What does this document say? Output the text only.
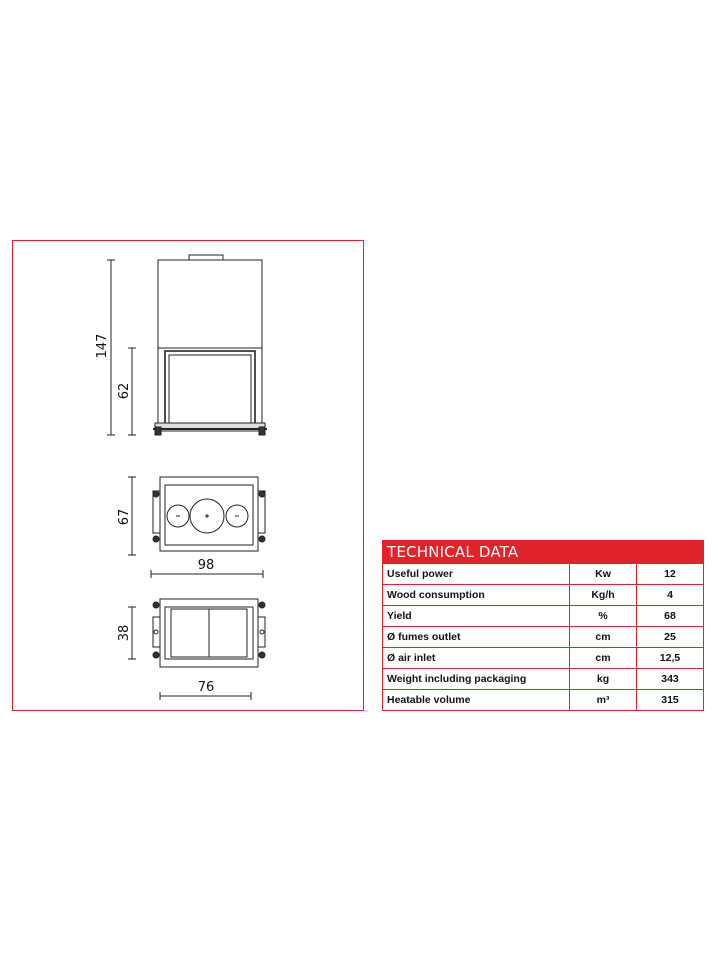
147
62
67
98
38
76
TECHNICAL DATA		
Useful power	Kw	12
Wood consumption	Kg/h	4
Yield	%	68
Ø fumes outlet	cm	25
Ø air inlet	cm	12,5
Weight including packaging	kg	343
Heatable volume	m³	315
